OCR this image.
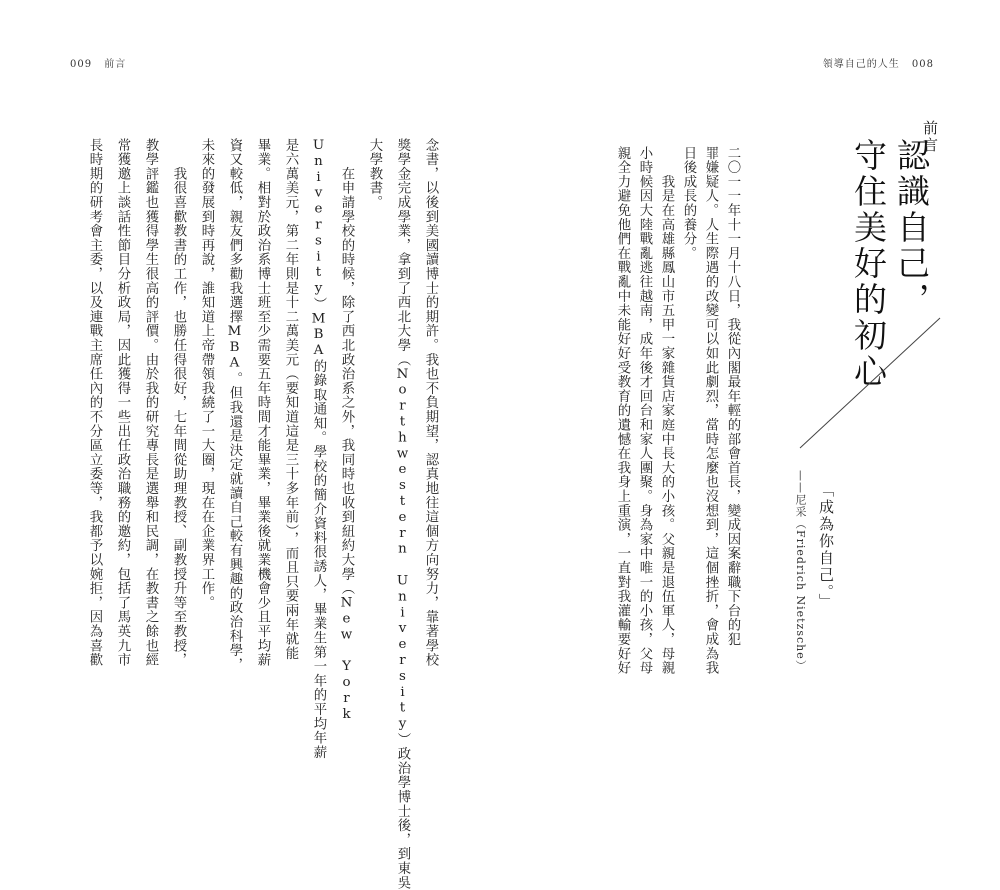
009 前言	領導自己的人生 008
前言
認識自己，
守住美好的初心
「成為你自己。」
——尼采（Friedrich Nietzsche）
二〇一一年十一月十八日，我從內閣最年輕的部會首長，變成因案辭職下台的犯
罪嫌疑人。人生際遇的改變可以如此劇烈，當時怎麼也沒想到，這個挫折，會成為我
日後成長的養分。
　　我是在高雄縣鳳山市五甲一家雜貨店家庭中長大的小孩。父親是退伍軍人，母親
小時候因大陸戰亂逃往越南，成年後才回台和家人團聚。身為家中唯一的小孩，父母
親全力避免他們在戰亂中未能好好受教育的遺憾在我身上重演，一直對我灌輸要好好
念書，以後到美國讀博士的期許。我也不負期望，認真地往這個方向努力，靠著學校
獎學金完成學業，拿到了西北大學（Northwestern University）政治學博士後，到東吳
大學教書。
　　在申請學校的時候，除了西北政治系之外，我同時也收到紐約大學（New York
University）MBA的錄取通知。學校的簡介資料很誘人，畢業生第一年的平均年薪
是六萬美元，第二年則是十二萬美元（要知道這是三十多年前），而且只要兩年就能
畢業。相對於政治系博士班至少需要五年時間才能畢業，畢業後就業機會少且平均薪
資又較低，親友們多勸我選擇MBA。但我還是決定就讀自己較有興趣的政治科學，
未來的發展到時再說，誰知道上帝帶領我繞了一大圈，現在在企業界工作。
　　我很喜歡教書的工作，也勝任得很好，七年間從助理教授、副教授升等至教授，
教學評鑑也獲得學生很高的評價。由於我的研究專長是選舉和民調，在教書之餘也經
常獲邀上談話性節目分析政局，因此獲得一些出任政治職務的邀約，包括了馬英九市
長時期的研考會主委，以及連戰主席任內的不分區立委等，我都予以婉拒，因為喜歡
